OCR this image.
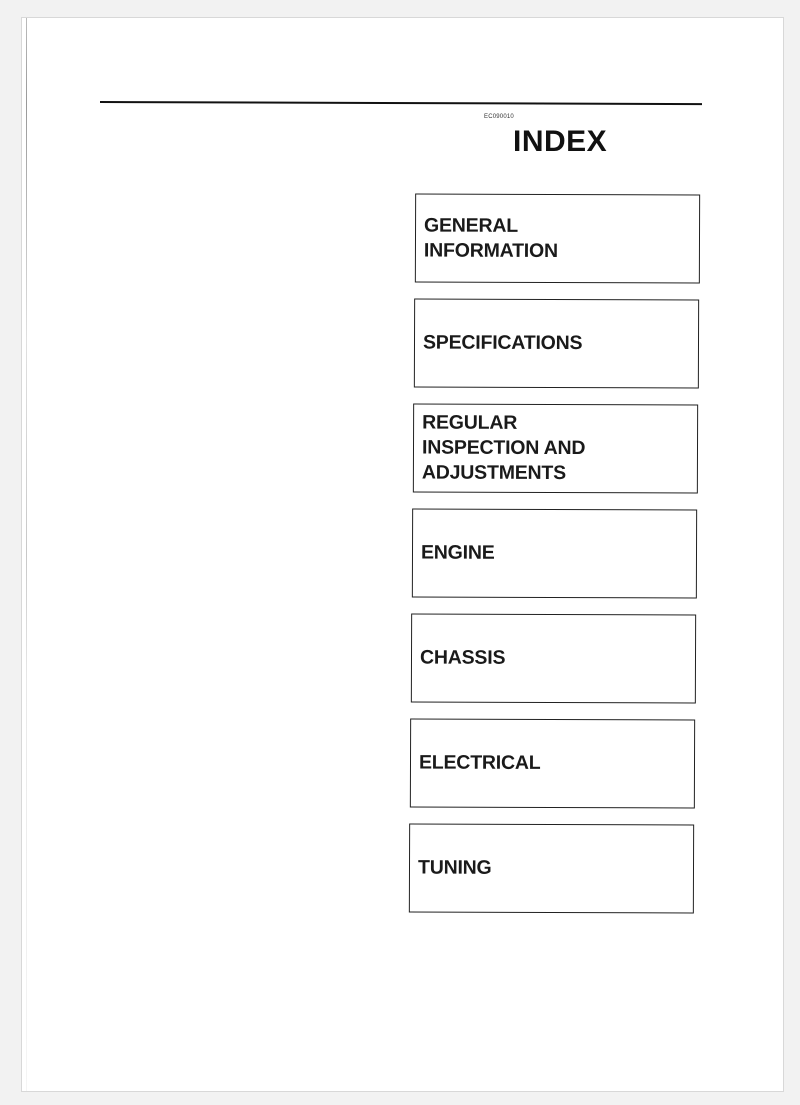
EC090010
INDEX
GENERAL
INFORMATION
SPECIFICATIONS
REGULAR
INSPECTION AND
ADJUSTMENTS
ENGINE
CHASSIS
ELECTRICAL
TUNING
